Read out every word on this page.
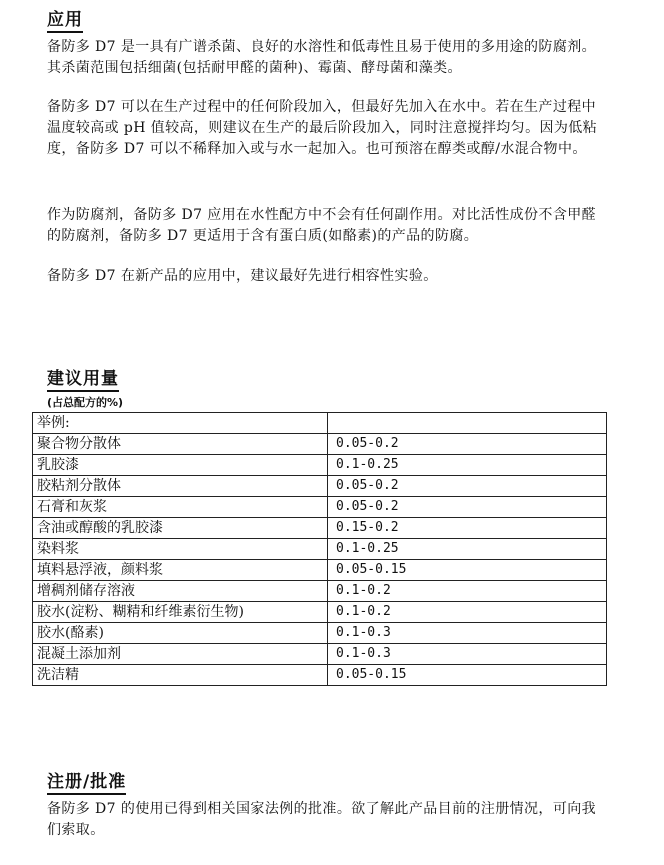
应用

备防多 D7 是一具有广谱杀菌、良好的水溶性和低毒性且易于使用的多用途的防腐剂。其杀菌范围包括细菌(包括耐甲醛的菌种)、霉菌、酵母菌和藻类。

备防多 D7 可以在生产过程中的任何阶段加入，但最好先加入在水中。若在生产过程中温度较高或 pH 值较高，则建议在生产的最后阶段加入，同时注意搅拌均匀。因为低粘度，备防多 D7 可以不稀释加入或与水一起加入。也可预溶在醇类或醇/水混合物中。

作为防腐剂，备防多 D7 应用在水性配方中不会有任何副作用。对比活性成份不含甲醛的防腐剂，备防多 D7 更适用于含有蛋白质(如酪素)的产品的防腐。

备防多 D7 在新产品的应用中，建议最好先进行相容性实验。

建议用量

(占总配方的%)

举例:	
聚合物分散体	0.05-0.2
乳胶漆	0.1-0.25
胶粘剂分散体	0.05-0.2
石膏和灰浆	0.05-0.2
含油或醇酸的乳胶漆	0.15-0.2
染料浆	0.1-0.25
填料悬浮液，颜料浆	0.05-0.15
增稠剂储存溶液	0.1-0.2
胶水(淀粉、糊精和纤维素衍生物)	0.1-0.2
胶水(酪素)	0.1-0.3
混凝土添加剂	0.1-0.3
洗洁精	0.05-0.15
注册/批准

备防多 D7 的使用已得到相关国家法例的批准。欲了解此产品目前的注册情况，可向我们索取。
